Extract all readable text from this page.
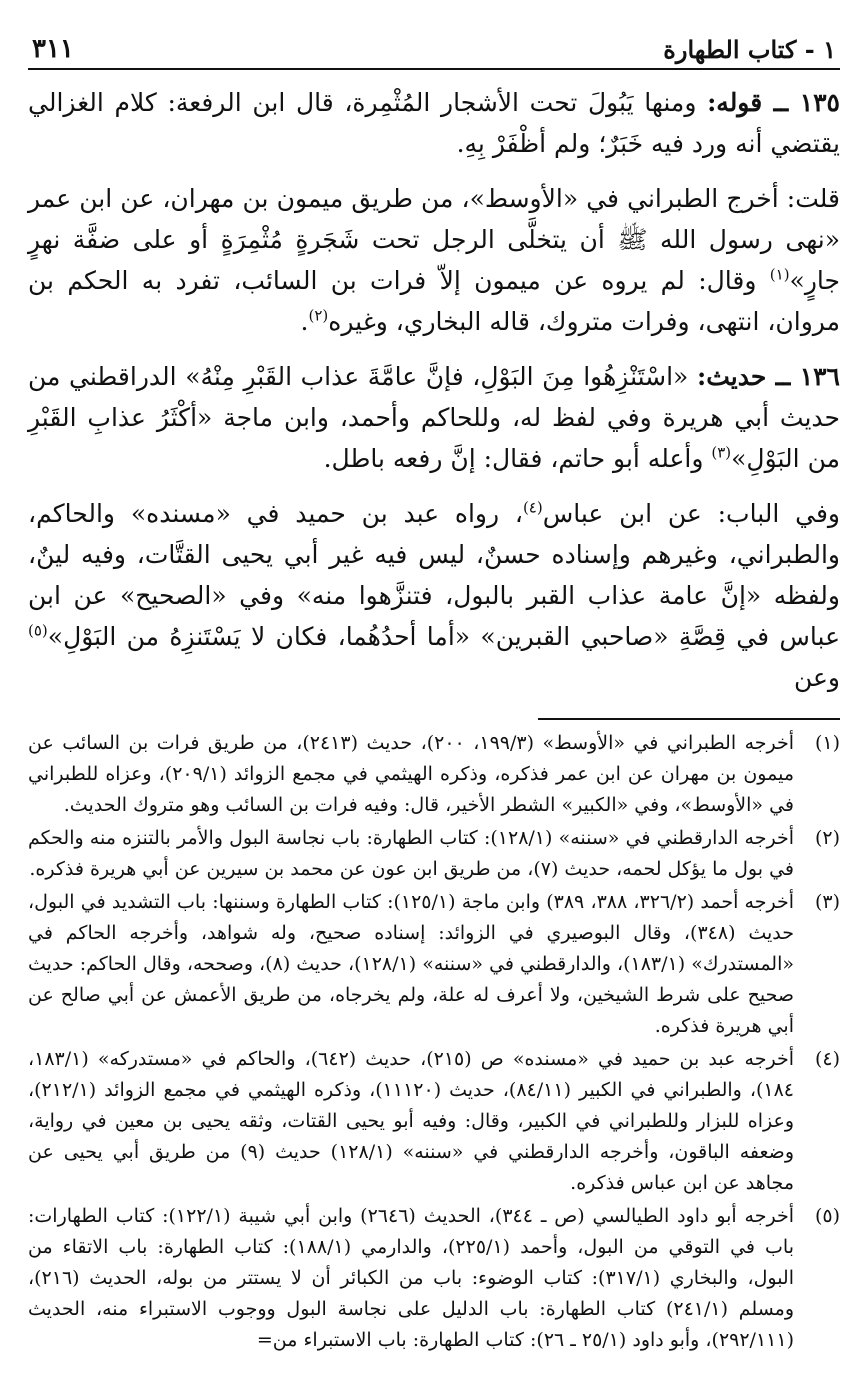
١ - كتاب الطهارة
٣١١

١٣٥ ــ قوله: ومنها يَبُولَ تحت الأشجار المُثْمِرة، قال ابن الرفعة: كلام الغزالي يقتضي أنه ورد فيه خَبَرٌ؛ ولم أظْفَرْ بِهِ.

قلت: أخرج الطبراني في «الأوسط»، من طريق ميمون بن مهران، عن ابن عمر «نهى رسول الله ﷺ أن يتخلَّى الرجل تحت شَجَرةٍ مُثْمِرَةٍ أو على ضفَّة نهرٍ جارٍ»$^{(١)}$ وقال: لم يروه عن ميمون إلاّ فرات بن السائب، تفرد به الحكم بن مروان، انتهى، وفرات متروك، قاله البخاري، وغيره$^{(٢)}$.

١٣٦ ــ حديث: «اسْتَنْزِهُوا مِنَ البَوْلِ، فإنَّ عامَّةَ عذاب القَبْرِ مِنْهُ» الدراقطني من حديث أبي هريرة وفي لفظ له، وللحاكم وأحمد، وابن ماجة «أكْثَرُ عذابِ القَبْرِ من البَوْلِ»$^{(٣)}$ وأعله أبو حاتم، فقال: إنَّ رفعه باطل.

وفي الباب: عن ابن عباس$^{(٤)}$، رواه عبد بن حميد في «مسنده» والحاكم، والطبراني، وغيرهم وإسناده حسنٌ، ليس فيه غير أبي يحيى القتَّات، وفيه لينٌ، ولفظه «إنَّ عامة عذاب القبر بالبول، فتنزَّهوا منه» وفي «الصحيح» عن ابن عباس في قِصَّةِ «صاحبي القبرين» «أما أحدُهُما، فكان لا يَسْتَنزِهُ من البَوْلِ»$^{(٥)}$ وعن

(١)
أخرجه الطبراني في «الأوسط» (١٩٩/٣، ٢٠٠)، حديث (٢٤١٣)، من طريق فرات بن السائب عن ميمون بن مهران عن ابن عمر فذكره، وذكره الهيثمي في مجمع الزوائد (٢٠٩/١)، وعزاه للطبراني في «الأوسط»، وفي «الكبير» الشطر الأخير، قال: وفيه فرات بن السائب وهو متروك الحديث.
(٢)
أخرجه الدارقطني في «سننه» (١٢٨/١): كتاب الطهارة: باب نجاسة البول والأمر بالتنزه منه والحكم في بول ما يؤكل لحمه، حديث (٧)، من طريق ابن عون عن محمد بن سيرين عن أبي هريرة فذكره.
(٣)
أخرجه أحمد (٣٢٦/٢، ٣٨٨، ٣٨٩) وابن ماجة (١٢٥/١): كتاب الطهارة وسننها: باب التشديد في البول، حديث (٣٤٨)، وقال البوصيري في الزوائد: إسناده صحيح، وله شواهد، وأخرجه الحاكم في «المستدرك» (١٨٣/١)، والدارقطني في «سننه» (١٢٨/١)، حديث (٨)، وصححه، وقال الحاكم: حديث صحيح على شرط الشيخين، ولا أعرف له علة، ولم يخرجاه، من طريق الأعمش عن أبي صالح عن أبي هريرة فذكره.
(٤)
أخرجه عبد بن حميد في «مسنده» ص (٢١٥)، حديث (٦٤٢)، والحاكم في «مستدركه» (١٨٣/١، ١٨٤)، والطبراني في الكبير (٨٤/١١)، حديث (١١١٢٠)، وذكره الهيثمي في مجمع الزوائد (٢١٢/١)، وعزاه للبزار وللطبراني في الكبير، وقال: وفيه أبو يحيى القتات، وثقه يحيى بن معين في رواية، وضعفه الباقون، وأخرجه الدارقطني في «سننه» (١٢٨/١) حديث (٩) من طريق أبي يحيى عن مجاهد عن ابن عباس فذكره.
(٥)
أخرجه أبو داود الطيالسي (ص ـ ٣٤٤)، الحديث (٢٦٤٦) وابن أبي شيبة (١٢٢/١): كتاب الطهارات: باب في التوقي من البول، وأحمد (٢٢٥/١)، والدارمي (١٨٨/١): كتاب الطهارة: باب الاتقاء من البول، والبخاري (٣١٧/١): كتاب الوضوء: باب من الكبائر أن لا يستتر من بوله، الحديث (٢١٦)، ومسلم (٢٤١/١) كتاب الطهارة: باب الدليل على نجاسة البول ووجوب الاستبراء منه، الحديث (٢٩٢/١١١)، وأبو داود (٢٥/١ ـ ٢٦): كتاب الطهارة: باب الاستبراء من=
